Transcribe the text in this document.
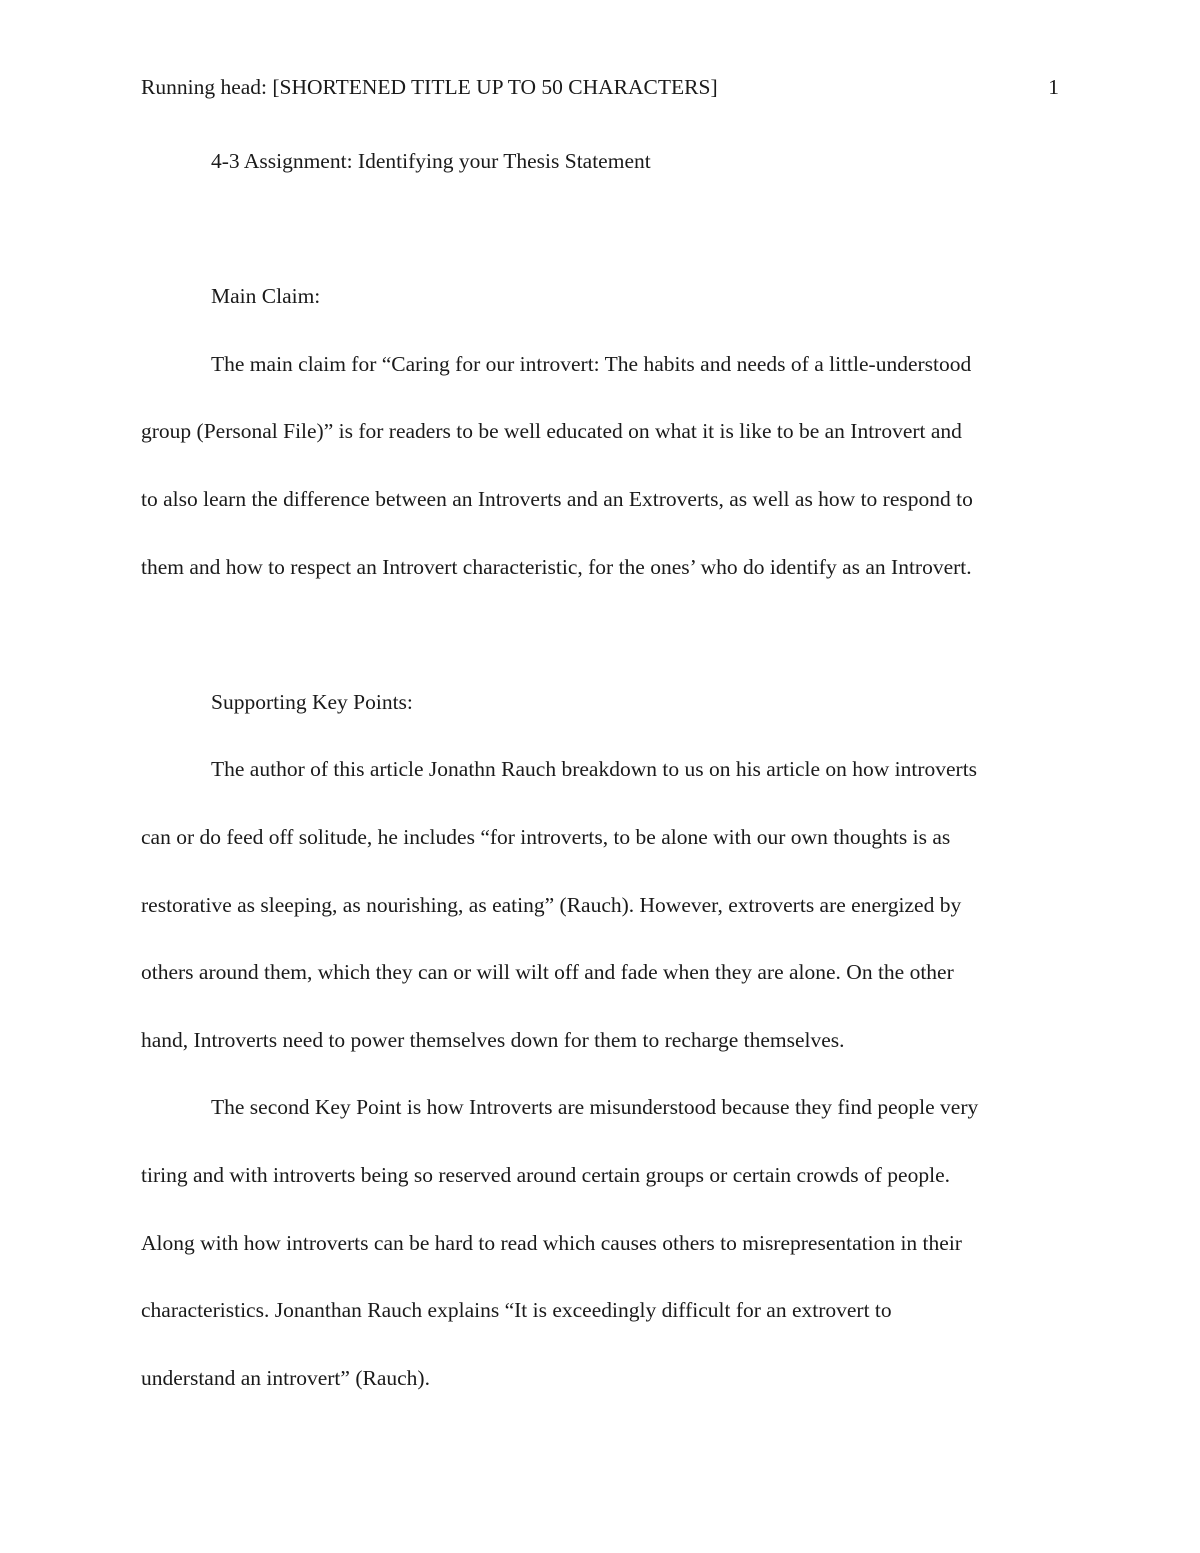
Running head: [SHORTENED TITLE UP TO 50 CHARACTERS]	1

4-3 Assignment: Identifying your Thesis Statement

Main Claim:

The main claim for “Caring for our introvert: The habits and needs of a little-understood
group (Personal File)” is for readers to be well educated on what it is like to be an Introvert and
to also learn the difference between an Introverts and an Extroverts, as well as how to respond to
them and how to respect an Introvert characteristic, for the ones’ who do identify as an Introvert.

Supporting Key Points:

The author of this article Jonathn Rauch breakdown to us on his article on how introverts
can or do feed off solitude, he includes “for introverts, to be alone with our own thoughts is as
restorative as sleeping, as nourishing, as eating” (Rauch). However, extroverts are energized by
others around them, which they can or will wilt off and fade when they are alone. On the other
hand, Introverts need to power themselves down for them to recharge themselves.

The second Key Point is how Introverts are misunderstood because they find people very
tiring and with introverts being so reserved around certain groups or certain crowds of people.
Along with how introverts can be hard to read which causes others to misrepresentation in their
characteristics. Jonanthan Rauch explains “It is exceedingly difficult for an extrovert to
understand an introvert” (Rauch).
